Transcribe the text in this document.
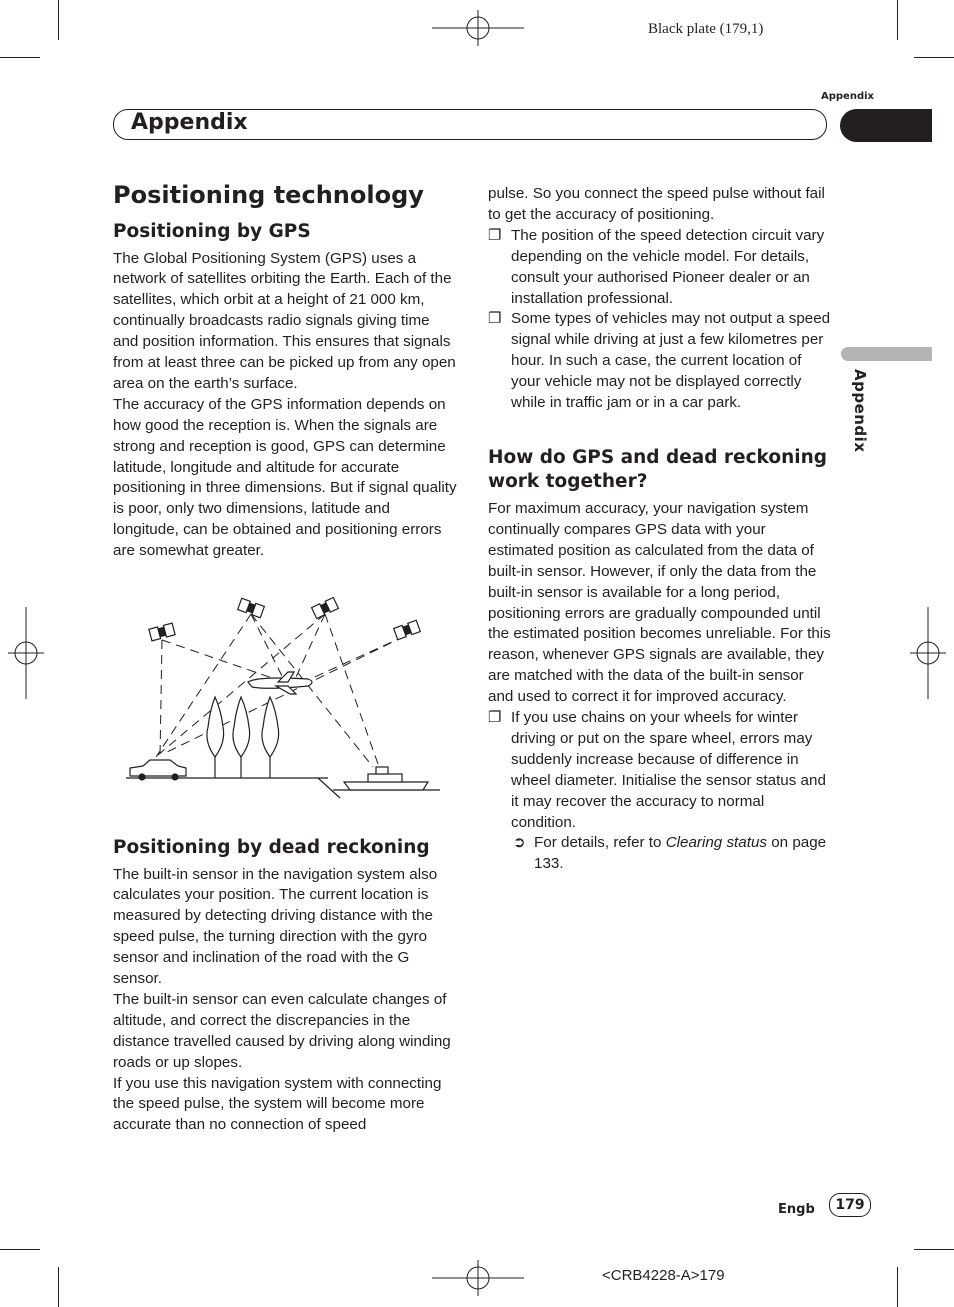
Black plate (179,1)
Appendix
Appendix
Appendix
Positioning technology
Positioning by GPS

The Global Positioning System (GPS) uses a network of satellites orbiting the Earth. Each of the satellites, which orbit at a height of 21 000 km, continually broadcasts radio signals giving time and position information. This ensures that signals from at least three can be picked up from any open area on the earth’s surface.

The accuracy of the GPS information depends on how good the reception is. When the signals are strong and reception is good, GPS can determine latitude, longitude and altitude for accurate positioning in three dimensions. But if signal quality is poor, only two dimensions, latitude and longitude, can be obtained and positioning errors are somewhat greater.

Positioning by dead reckoning

The built-in sensor in the navigation system also calculates your position. The current location is measured by detecting driving distance with the speed pulse, the turning direction with the gyro sensor and inclination of the road with the G sensor.

The built-in sensor can even calculate changes of altitude, and correct the discrepancies in the distance travelled caused by driving along winding roads or up slopes.

If you use this navigation system with connecting the speed pulse, the system will become more accurate than no connection of speed

pulse. So you connect the speed pulse without fail to get the accuracy of positioning.

❐ The position of the speed detection circuit vary depending on the vehicle model. For details, consult your authorised Pioneer dealer or an installation professional.
❐ Some types of vehicles may not output a speed signal while driving at just a few kilometres per hour. In such a case, the current location of your vehicle may not be displayed correctly while in traffic jam or in a car park.
How do GPS and dead reckoning work together?

For maximum accuracy, your navigation system continually compares GPS data with your estimated position as calculated from the data of built-in sensor. However, if only the data from the built-in sensor is available for a long period, positioning errors are gradually compounded until the estimated position becomes unreliable. For this reason, whenever GPS signals are available, they are matched with the data of the built-in sensor and used to correct it for improved accuracy.

❐ If you use chains on your wheels for winter driving or put on the spare wheel, errors may suddenly increase because of difference in wheel diameter. Initialise the sensor status and it may recover the accuracy to normal condition.
➲ For details, refer to Clearing status on page 133.
Engb	179
<CRB4228-A>179
